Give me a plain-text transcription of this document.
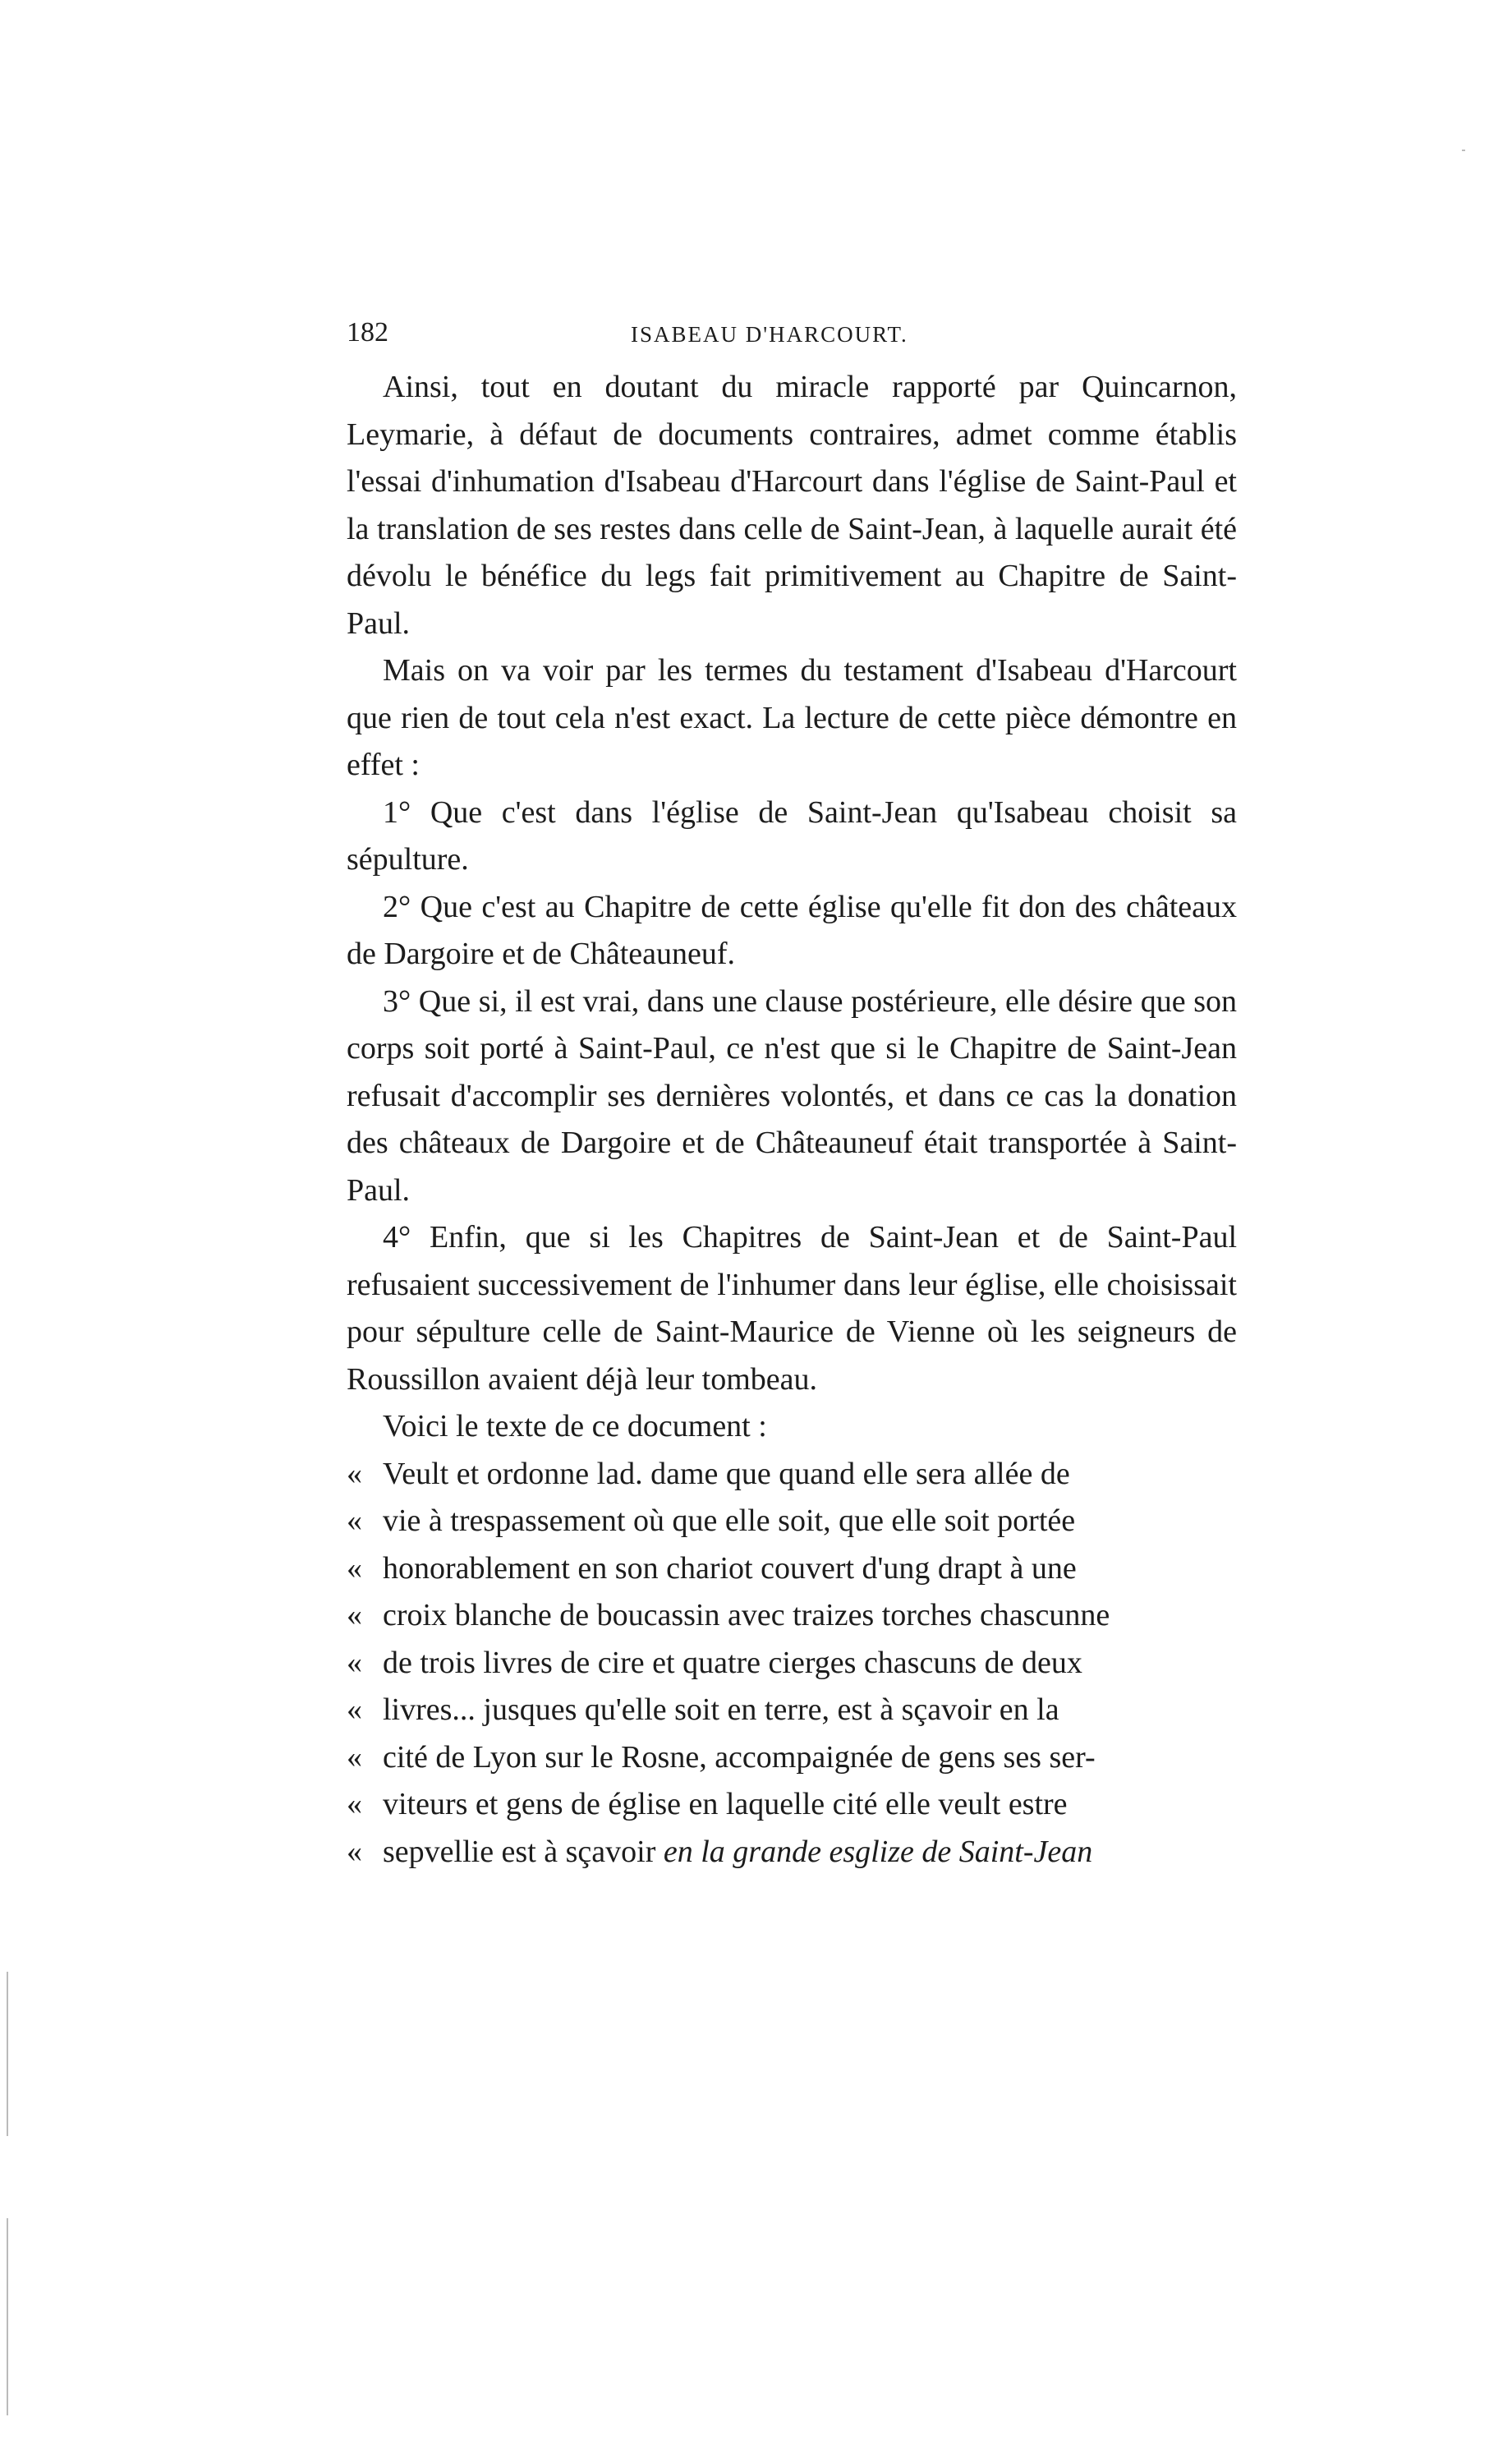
182	ISABEAU D'HARCOURT.

Ainsi, tout en doutant du miracle rapporté par Quincarnon, Leymarie, à défaut de documents contraires, admet comme établis l'essai d'inhumation d'Isabeau d'Harcourt dans l'église de Saint-Paul et la translation de ses restes dans celle de Saint-Jean, à laquelle aurait été dévolu le bénéfice du legs fait primitivement au Chapitre de Saint-Paul.

Mais on va voir par les termes du testament d'Isabeau d'Harcourt que rien de tout cela n'est exact. La lecture de cette pièce démontre en effet :

1° Que c'est dans l'église de Saint-Jean qu'Isabeau choisit sa sépulture.

2° Que c'est au Chapitre de cette église qu'elle fit don des châteaux de Dargoire et de Châteauneuf.

3° Que si, il est vrai, dans une clause postérieure, elle désire que son corps soit porté à Saint-Paul, ce n'est que si le Chapitre de Saint-Jean refusait d'accomplir ses dernières volontés, et dans ce cas la donation des châteaux de Dargoire et de Châteauneuf était transportée à Saint-Paul.

4° Enfin, que si les Chapitres de Saint-Jean et de Saint-Paul refusaient successivement de l'inhumer dans leur église, elle choisissait pour sépulture celle de Saint-Maurice de Vienne où les seigneurs de Roussillon avaient déjà leur tombeau.

Voici le texte de ce document :

« Veult et ordonne lad. dame que quand elle sera allée de
« vie à trespassement où que elle soit, que elle soit portée
« honorablement en son chariot couvert d'ung drapt à une
« croix blanche de boucassin avec traizes torches chascunne
« de trois livres de cire et quatre cierges chascuns de deux
« livres... jusques qu'elle soit en terre, est à sçavoir en la
« cité de Lyon sur le Rosne, accompaignée de gens ses ser-
« viteurs et gens de église en laquelle cité elle veult estre
« sepvellie est à sçavoir en la grande esglize de Saint-Jean
